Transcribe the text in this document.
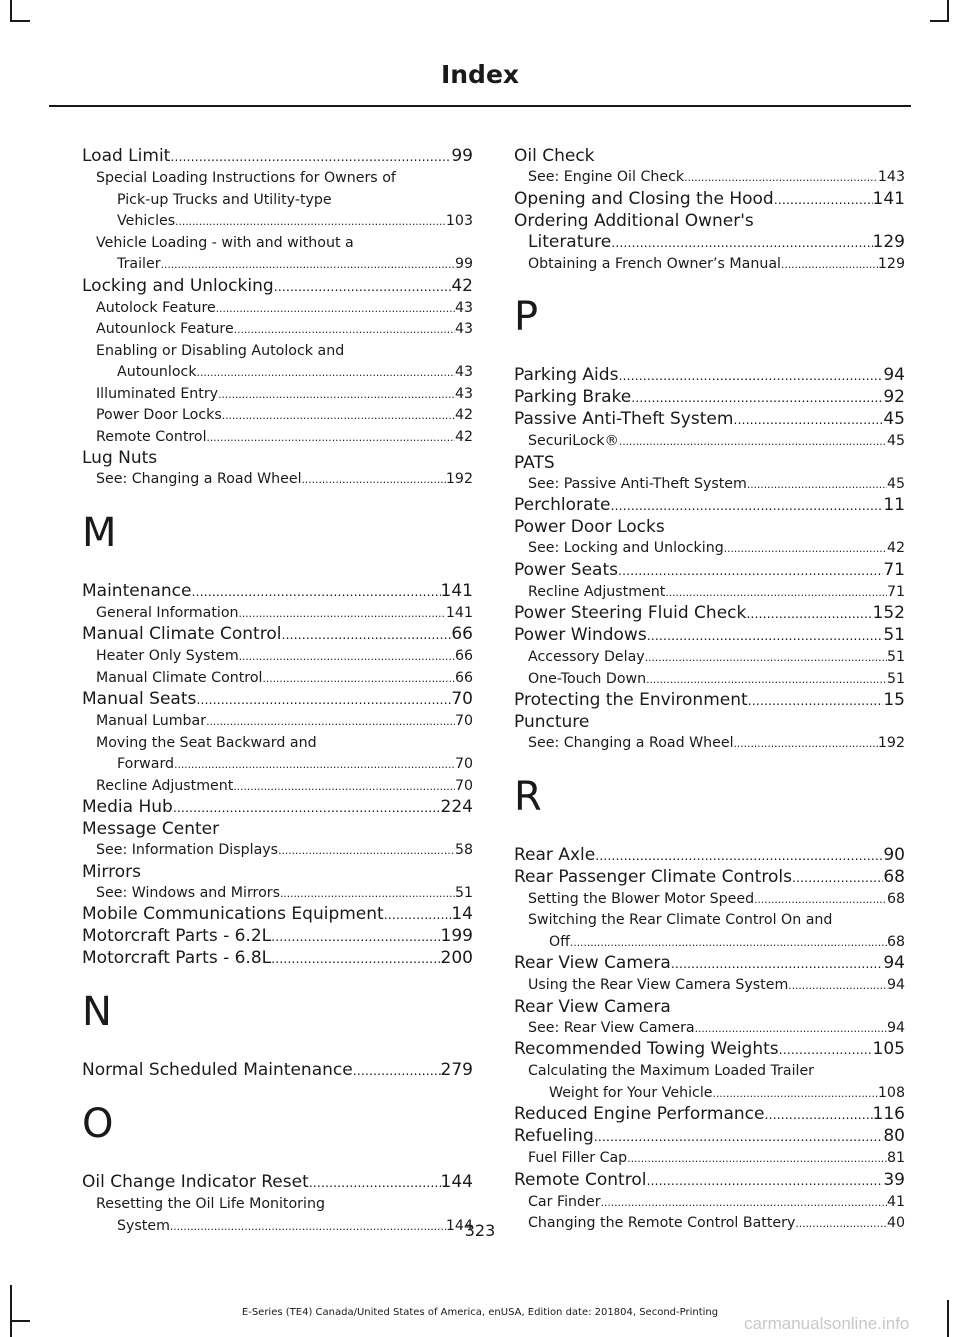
Index
Load Limit .....	99
Special Loading Instructions for Owners of
Pick-up Trucks and Utility-type
Vehicles .....	103
Vehicle Loading - with and without a
Trailer .....	99
Locking and Unlocking .....	42
Autolock Feature .....	43
Autounlock Feature .....	43
Enabling or Disabling Autolock and
Autounlock .....	43
Illuminated Entry .....	43
Power Door Locks .....	42
Remote Control .....	42
Lug Nuts
See: Changing a Road Wheel .....	192
M
Maintenance .....	141
General Information .....	141
Manual Climate Control .....	66
Heater Only System .....	66
Manual Climate Control .....	66
Manual Seats .....	70
Manual Lumbar .....	70
Moving the Seat Backward and
Forward .....	70
Recline Adjustment .....	70
Media Hub .....	224
Message Center
See: Information Displays .....	58
Mirrors
See: Windows and Mirrors .....	51
Mobile Communications Equipment .....	14
Motorcraft Parts - 6.2L .....	199
Motorcraft Parts - 6.8L .....	200
N
Normal Scheduled Maintenance .....	279
O
Oil Change Indicator Reset .....	144
Resetting the Oil Life Monitoring
System .....	144
Oil Check
See: Engine Oil Check .....	143
Opening and Closing the Hood .....	141
Ordering Additional Owner's
Literature .....	129
Obtaining a French Owner’s Manual .....	129
P
Parking Aids .....	94
Parking Brake .....	92
Passive Anti-Theft System .....	45
SecuriLock® .....	45
PATS
See: Passive Anti-Theft System .....	45
Perchlorate .....	11
Power Door Locks
See: Locking and Unlocking .....	42
Power Seats .....	71
Recline Adjustment .....	71
Power Steering Fluid Check .....	152
Power Windows .....	51
Accessory Delay .....	51
One-Touch Down .....	51
Protecting the Environment .....	15
Puncture
See: Changing a Road Wheel .....	192
R
Rear Axle .....	90
Rear Passenger Climate Controls .....	68
Setting the Blower Motor Speed .....	68
Switching the Rear Climate Control On and
Off .....	68
Rear View Camera .....	94
Using the Rear View Camera System .....	94
Rear View Camera
See: Rear View Camera .....	94
Recommended Towing Weights .....	105
Calculating the Maximum Loaded Trailer
Weight for Your Vehicle .....	108
Reduced Engine Performance .....	116
Refueling .....	80
Fuel Filler Cap .....	81
Remote Control .....	39
Car Finder .....	41
Changing the Remote Control Battery .....	40
323
E-Series (TE4) Canada/United States of America, enUSA, Edition date: 201804, Second-Printing
carmanualsonline.info
